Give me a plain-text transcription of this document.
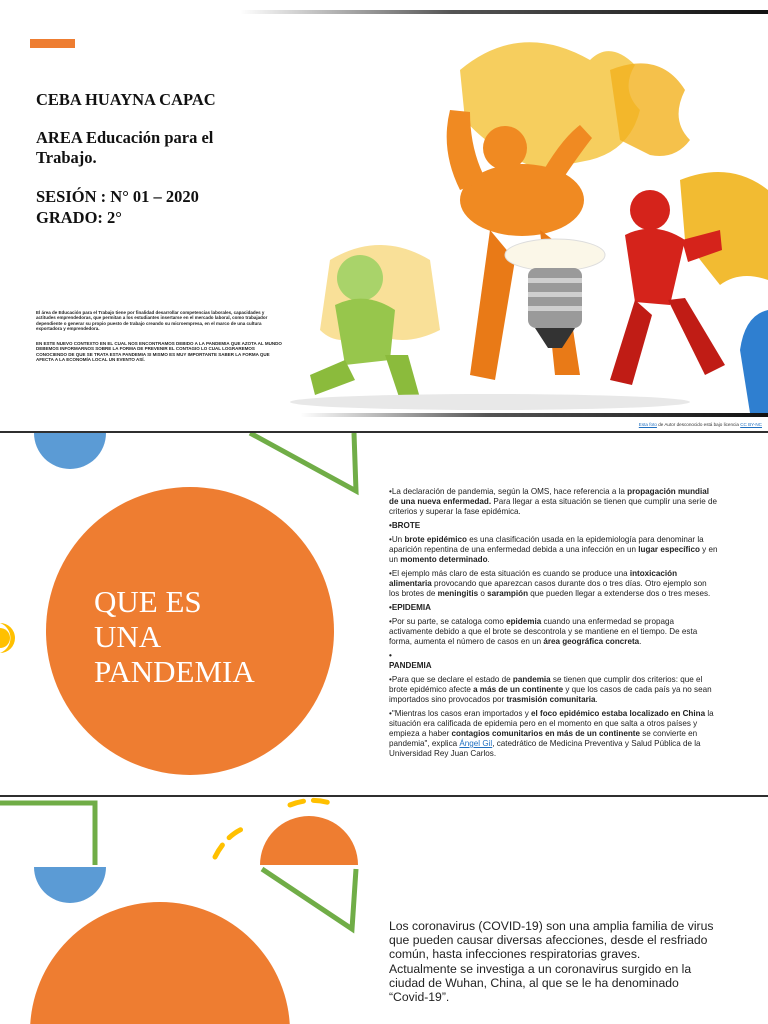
CEBA HUAYNA CAPAC
AREA Educación para el Trabajo.
SESIÓN : N° 01 – 2020
GRADO: 2°
El área de Educación para el Trabajo tiene por finalidad desarrollar competencias laborales, capacidades y actitudes emprendedoras, que permitan a los estudiantes insertarse en el mercado laboral, como trabajador dependiente o generar su propio puesto de trabajo creando su microempresa, en el marco de una cultura exportadora y emprendedora.
EN ESTE NUEVO CONTEXTO EN EL CUAL NOS ENCONTRAMOS DEBIDO A LA PANDEMIA QUE AZOTA AL MUNDO DEBEMOS INFORMARNOS SOBRE LA FORMA DE PREVENIR EL CONTAGIO LO CUAL LOGRAREMOS CONOCIENDO DE QUE SE TRATA ESTA PANDEMIA SI MISMO ES MUY IMPORTANTE SABER LA FORMA QUE AFECTA A LA ECONOMÍA LOCAL UN EVENTO ASÍ.
Esta foto de Autor desconocido está bajo licencia CC BY-NC
QUE ES
UNA
PANDEMIA

•La declaración de pandemia, según la OMS, hace referencia a la propagación mundial de una nueva enfermedad. Para llegar a esta situación se tienen que cumplir una serie de criterios y superar la fase epidémica.

•BROTE

•Un brote epidémico es una clasificación usada en la epidemiología para denominar la aparición repentina de una enfermedad debida a una infección en un lugar específico y en un momento determinado.

•El ejemplo más claro de esta situación es cuando se produce una intoxicación alimentaria provocando que aparezcan casos durante dos o tres días. Otro ejemplo son los brotes de meningitis o sarampión que pueden llegar a extenderse dos o tres meses.

•EPIDEMIA

•Por su parte, se cataloga como epidemia cuando una enfermedad se propaga activamente debido a que el brote se descontrola y se mantiene en el tiempo. De esta forma, aumenta el número de casos en un área geográfica concreta.

•

PANDEMIA

•Para que se declare el estado de pandemia se tienen que cumplir dos criterios: que el brote epidémico afecte a más de un continente y que los casos de cada país ya no sean importados sino provocados por trasmisión comunitaria.

•"Mientras los casos eran importados y el foco epidémico estaba localizado en China la situación era calificada de epidemia pero en el momento en que salta a otros países y empieza a haber contagios comunitarios en más de un continente se convierte en pandemia", explica Ángel Gil, catedrático de Medicina Preventiva y Salud Pública de la Universidad Rey Juan Carlos.

Los coronavirus (COVID-19) son una amplia familia de virus que pueden causar diversas afecciones, desde el resfriado común, hasta infecciones respiratorias graves.
Actualmente se investiga a un coronavirus surgido en la ciudad de Wuhan, China, al que se le ha denominado “Covid-19”.
